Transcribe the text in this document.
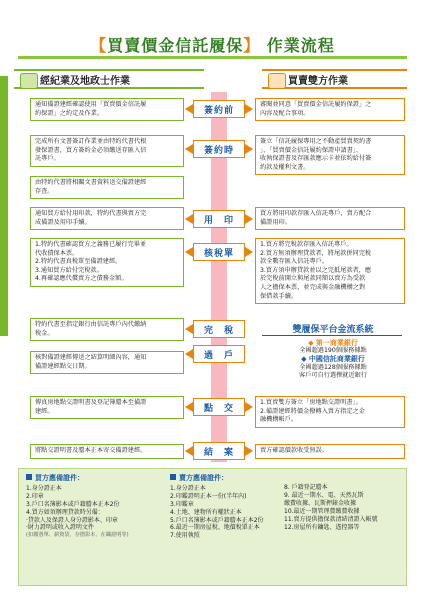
【買賣價金信託履保】 作業流程
經紀業及地政士作業	買賣雙方作業
簽約前
簽約時
用　印
核稅單
完　稅
過　戶
點　交
結　案
通知備證建經確認使用「買賣價金信託履
約保證」之約定及作業。
完成所有文書簽訂作業並由特約代書代根
發保證書，買方簽約金必須繳送存匯入信
託專戶。
由特約代書將相關文書資料送交備證建經
存查。
通知買方給付用印款，特約代書與賣方完
成備證及用印手續。
1.特約代書確認買方之義務已履行完畢並
代收債保本票。
2.特約代書真稅單至備證建經。
3.通知買方給付完稅款。
4.再確認應代償賣方之債務金額。
特約代書至指定銀行由信託專戶內代繳納
稅金。
核對備證建經傳送之結算明細內容，通知
備證建經點交日期。
傳真房地點交證明書及登記簿謄本至備證
建經。
將點交證明書及謄本正本寄交備證建經。
審閱並同意「買賣價金信託履約保證」之
內容及配合事項。
簽立「信託履保專用之不動產買賣契約書
」、「買賣價金信託履約保證申請書」、
收執保證書及存匯款應示卡並依約給付簽
約款及權利文書。
買方將用印款存匯入信託專戶，賣方配合
備證用印。
1.買方將完稅款存匯入信託專戶。
2.買方無須辦理貸款者，將尾款併同完稅
款全數存匯入信託專戶。
3.買方須申辦貸款並以之完抵尾款者，應
於完稅前開立與尾款同額以賣方為受款
人之擔保本票，並完成與金融機構之對
保借款手續。
1.買賣雙方簽立「房地點交證明書」。
2.備證建經將價金撥轉入賣方指定之金
融機構帳戶。
賣方確認價款收受無誤。
雙履保平台金流系統
◆ 第一商業銀行
全國超過190個服務據點
◆ 中國信託商業銀行
全國超過128個服務據點
客戶可自行選擇就近銀行
買方應備證件：
1.身分證正本
2.印章
3.戶口名簿影本或戶籍謄本正本2份
4.買方如須辦理貸款時另備：
‧貸款人及保證人身分證影本、印章
‧財力證明或收入證明文件
(扣繳憑單、薪資袋、存摺影本、在職證明等)
賣方應備證件：
1.身分證正本
2.印鑑證明正本一份(半年內)
3.印鑑章
4.土地、建物所有權狀正本
5.戶口名簿影本或戶籍謄本正本2份
6.最近一期房屋稅、地價稅單正本
7.使用執照
8. 戶籍登記謄本
9. 最近一期水、電、天然瓦斯
繳費收據、瓦斯押錶金收據
10.最近一期管理費繳費收據
11.賣方提供擔保款清結清證入帳號
12.房屋所有鑰匙、遙控器等
